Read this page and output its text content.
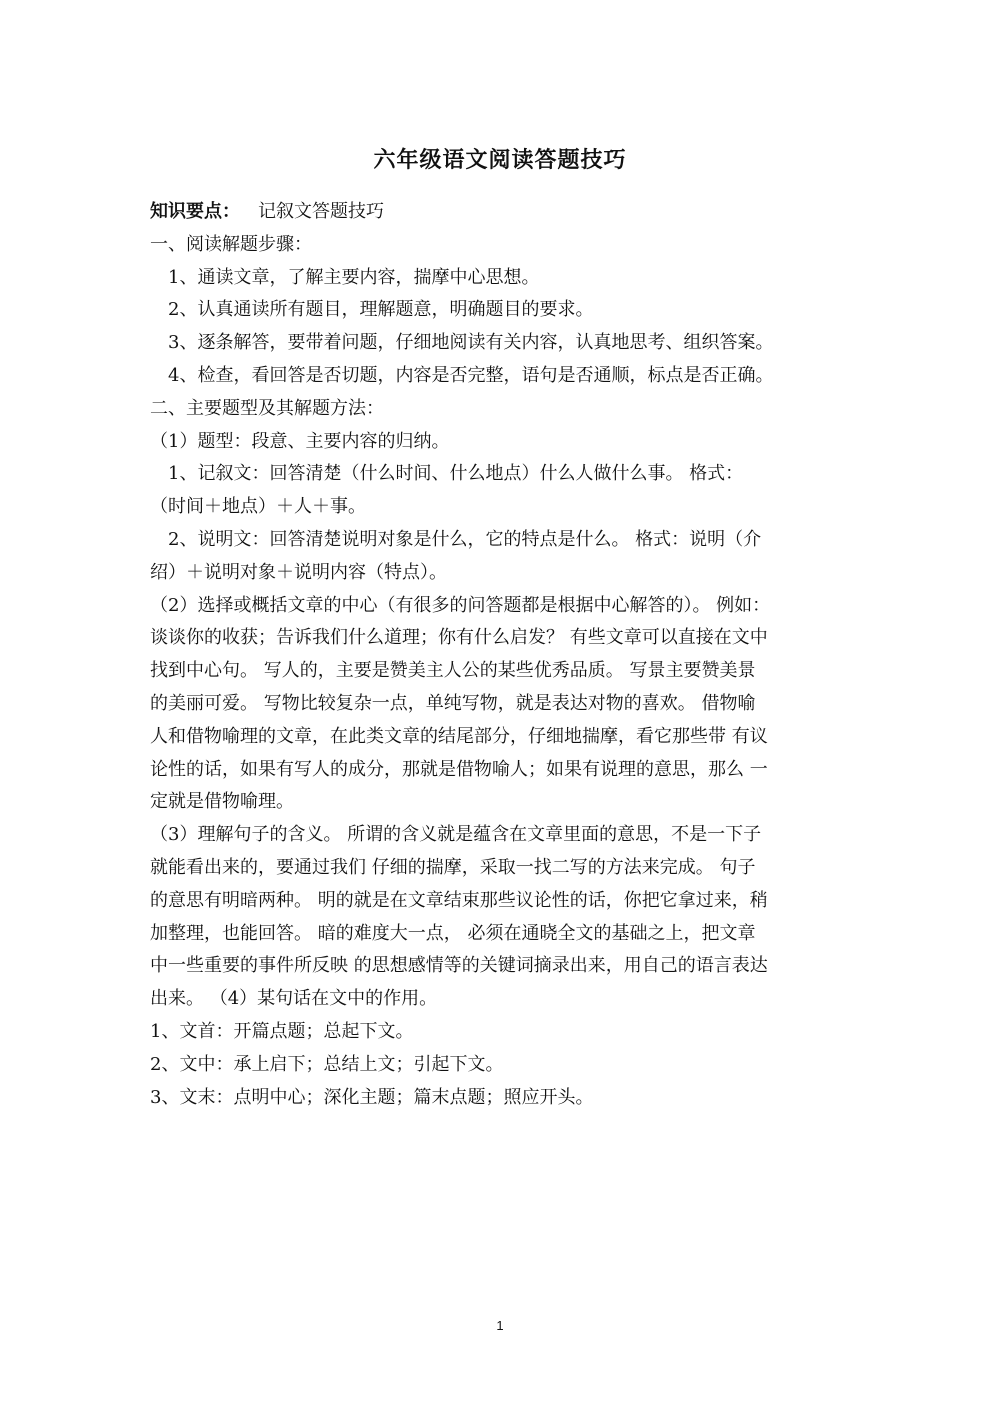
六年级语文阅读答题技巧
知识要点： 记叙文答题技巧
一、阅读解题步骤：
1、通读文章，了解主要内容，揣摩中心思想。
2、认真通读所有题目，理解题意，明确题目的要求。
3、逐条解答，要带着问题，仔细地阅读有关内容，认真地思考、组织答案。
4、检查，看回答是否切题，内容是否完整，语句是否通顺，标点是否正确。
二、主要题型及其解题方法：
（1）题型：段意、主要内容的归纳。
1、记叙文：回答清楚（什么时间、什么地点）什么人做什么事。 格式：
（时间＋地点）＋人＋事。
2、说明文：回答清楚说明对象是什么，它的特点是什么。 格式：说明（介
绍）＋说明对象＋说明内容（特点）。
（2）选择或概括文章的中心（有很多的问答题都是根据中心解答的）。 例如：
谈谈你的收获；告诉我们什么道理；你有什么启发？ 有些文章可以直接在文中
找到中心句。 写人的，主要是赞美主人公的某些优秀品质。 写景主要赞美景
的美丽可爱。 写物比较复杂一点，单纯写物，就是表达对物的喜欢。 借物喻
人和借物喻理的文章，在此类文章的结尾部分，仔细地揣摩，看它那些带 有议
论性的话，如果有写人的成分，那就是借物喻人；如果有说理的意思，那么 一
定就是借物喻理。
（3）理解句子的含义。 所谓的含义就是蕴含在文章里面的意思，不是一下子
就能看出来的，要通过我们 仔细的揣摩，采取一找二写的方法来完成。 句子
的意思有明暗两种。 明的就是在文章结束那些议论性的话，你把它拿过来，稍
加整理，也能回答。 暗的难度大一点， 必须在通晓全文的基础之上，把文章
中一些重要的事件所反映 的思想感情等的关键词摘录出来，用自己的语言表达
出来。 （4）某句话在文中的作用。
1、文首：开篇点题；总起下文。
2、文中：承上启下；总结上文；引起下文。
3、文末：点明中心；深化主题；篇末点题；照应开头。
1
